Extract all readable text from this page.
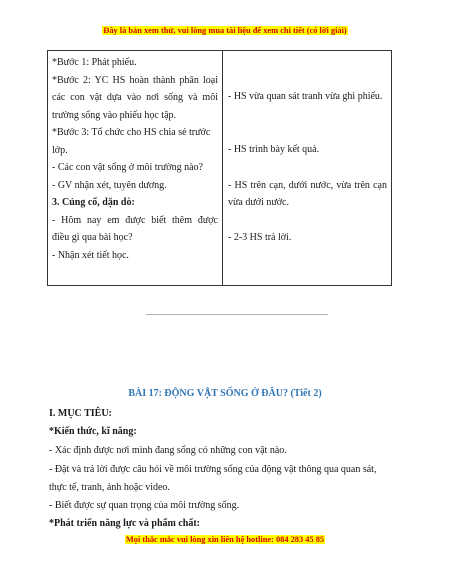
Đây là bản xem thử, vui lòng mua tài liệu để xem chi tiết (có lời giải)
*Bước 1: Phát phiếu.
*Bước 2: YC HS hoàn thành phân loại
các con vật dựa vào nơi sống và môi
trường sống vào phiếu học tập.
*Bước 3: Tổ chức cho HS chia sẻ trước
lớp.
- Các con vật sống ở môi trường nào?
- GV nhận xét, tuyên dương.
3. Củng cố, dặn dò:
- Hôm nay em được biết thêm được
điều gì qua bài học?
- Nhận xét tiết học.
- HS vừa quan sát tranh vừa ghi phiếu.
- HS trình bày kết quả.
- HS trên cạn, dưới nước, vừa trên cạn
vừa dưới nước.
- 2-3 HS trả lời.
BÀI 17: ĐỘNG VẬT SỐNG Ở ĐÂU? (Tiết 2)
I. MỤC TIÊU:
*Kiến thức, kĩ năng:
- Xác định được nơi mình đang sống có những con vật nào.
- Đặt và trả lời được câu hỏi về môi trường sống của động vật thông qua quan sát,
thực tế, tranh, ảnh hoặc video.
- Biết được sự quan trọng của môi trường sống.
*Phát triển năng lực và phẩm chất:
Mọi thắc mắc vui lòng xin liên hệ hotline: 084 283 45 85
